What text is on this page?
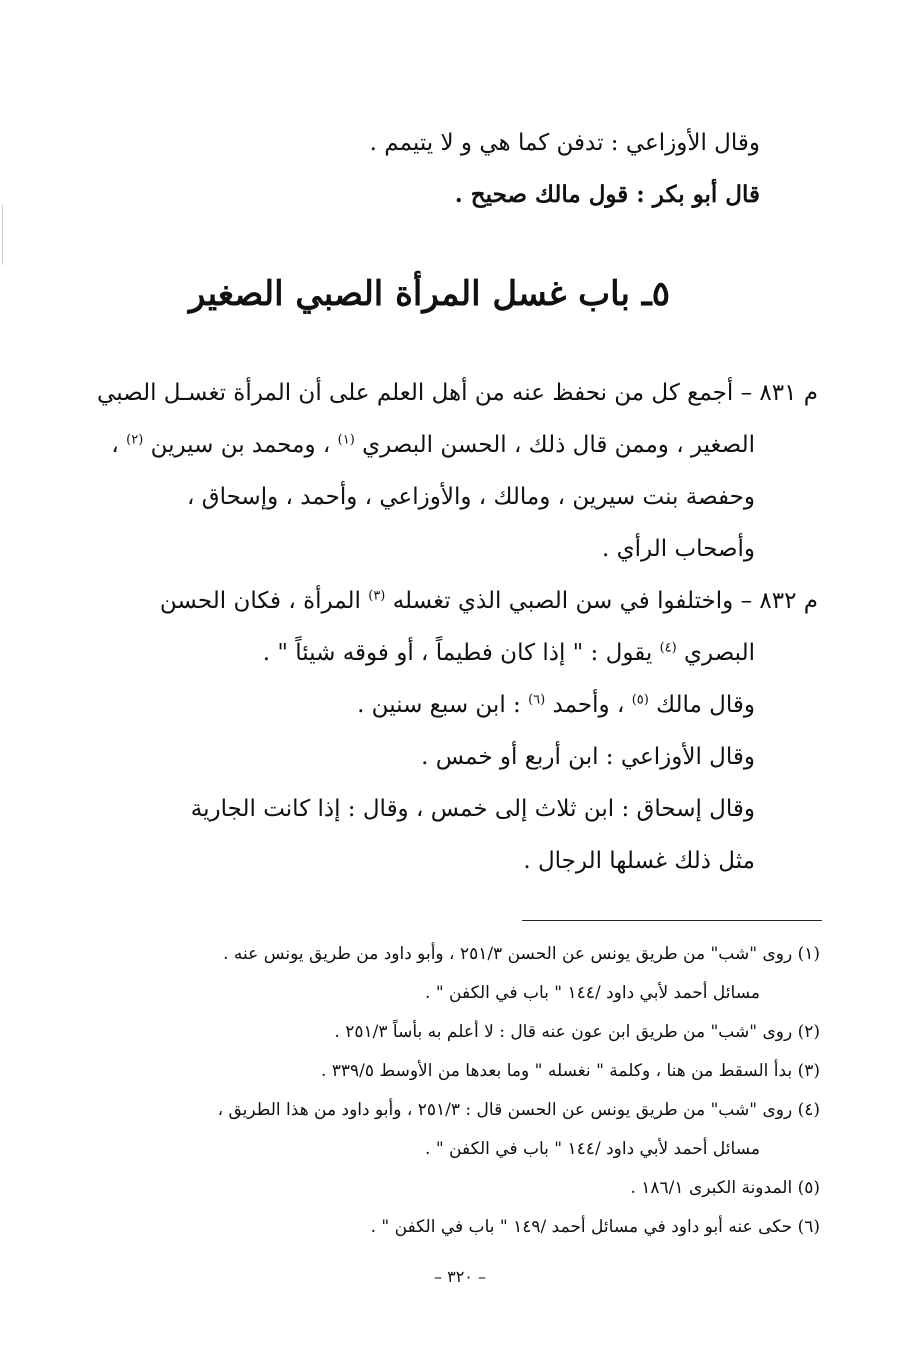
وقال الأوزاعي : تدفن كما هي و لا يتيمم .
قال أبو بكر : قول مالك صحيح .
٥ـ باب غسل المرأة الصبي الصغير
م ٨٣١ – أجمع كل من نحفظ عنه من أهل العلم على أن المرأة تغسـل الصبي
الصغير ، وممن قال ذلك ، الحسن البصري $^{(١)}$ ، ومحمد بن سيرين $^{(٢)}$ ،
وحفصة بنت سيرين ، ومالك ، والأوزاعي ، وأحمد ، وإسحاق ،
وأصحاب الرأي .
م ٨٣٢ – واختلفوا في سن الصبي الذي تغسله $^{(٣)}$ المرأة ، فكان الحسن
البصري $^{(٤)}$ يقول : " إذا كان فطيماً ، أو فوقه شيئاً " .
وقال مالك $^{(٥)}$ ، وأحمد $^{(٦)}$ : ابن سبع سنين .
وقال الأوزاعي : ابن أربع أو خمس .
وقال إسحاق : ابن ثلاث إلى خمس ، وقال : إذا كانت الجارية
مثل ذلك غسلها الرجال .
(١) روى "شب" من طريق يونس عن الحسن ٢٥١/٣ ، وأبو داود من طريق يونس عنه .
مسائل أحمد لأبي داود /١٤٤ " باب في الكفن " .
(٢) روى "شب" من طريق ابن عون عنه قال : لا أعلم به بأساً ٢٥١/٣ .
(٣) بدأ السقط من هنا ، وكلمة " نغسله " وما بعدها من الأوسط ٣٣٩/٥ .
(٤) روى "شب" من طريق يونس عن الحسن قال : ٢٥١/٣ ، وأبو داود من هذا الطريق ،
مسائل أحمد لأبي داود /١٤٤ " باب في الكفن " .
(٥) المدونة الكبرى ١٨٦/١ .
(٦) حكى عنه أبو داود في مسائل أحمد /١٤٩ " باب في الكفن " .
– ٣٢٠ –
